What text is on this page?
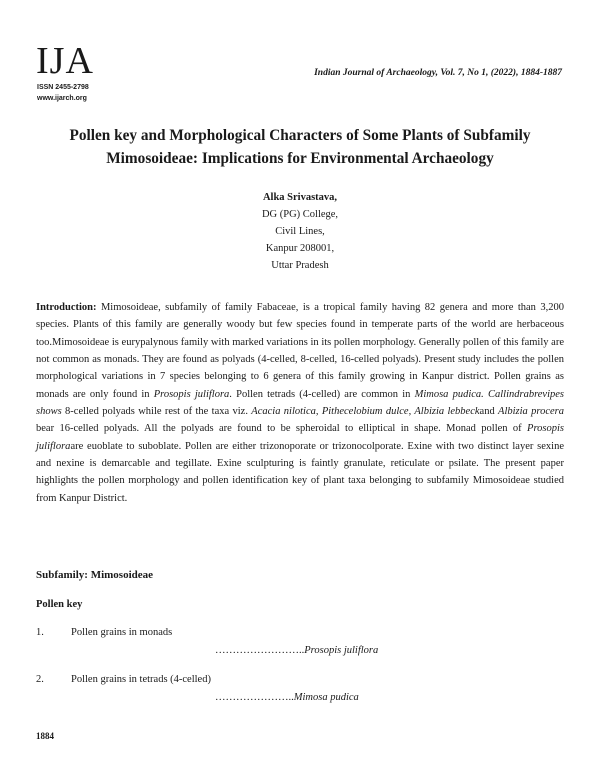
IJA
ISSN 2455-2798
www.ijarch.org
Indian Journal of Archaeology, Vol. 7, No 1, (2022), 1884-1887
Pollen key and Morphological Characters of Some Plants of Subfamily
Mimosoideae: Implications for Environmental Archaeology
Alka Srivastava,
DG (PG) College,
Civil Lines,
Kanpur 208001,
Uttar Pradesh
Introduction: Mimosoideae, subfamily of family Fabaceae, is a tropical family having 82 genera and more than 3,200 species. Plants of this family are generally woody but few species found in temperate parts of the world are herbaceous too.Mimosoideae is eurypalynous family with marked variations in its pollen morphology. Generally pollen of this family are not common as monads. They are found as polyads (4-celled, 8-celled, 16-celled polyads). Present study includes the pollen morphological variations in 7 species belonging to 6 genera of this family growing in Kanpur district. Pollen grains as monads are only found in Prosopis juliflora. Pollen tetrads (4-celled) are common in Mimosa pudica. Callindrabrevipes shows 8-celled polyads while rest of the taxa viz. Acacia nilotica, Pithecelobium dulce, Albizia lebbeckand Albizia procera bear 16-celled polyads. All the polyads are found to be spheroidal to elliptical in shape. Monad pollen of Prosopis julifloraare euoblate to suboblate. Pollen are either trizonoporate or trizonocolporate. Exine with two distinct layer sexine and nexine is demarcable and tegillate. Exine sculpturing is faintly granulate, reticulate or psilate. The present paper highlights the pollen morphology and pollen identification key of plant taxa belonging to subfamily Mimosoideae studied from Kanpur District.
Subfamily: Mimosoideae
Pollen key
1.	Pollen grains in monads
……………………..Prosopis juliflora
2.	Pollen grains in tetrads (4-celled)
…………………..Mimosa pudica
1884
